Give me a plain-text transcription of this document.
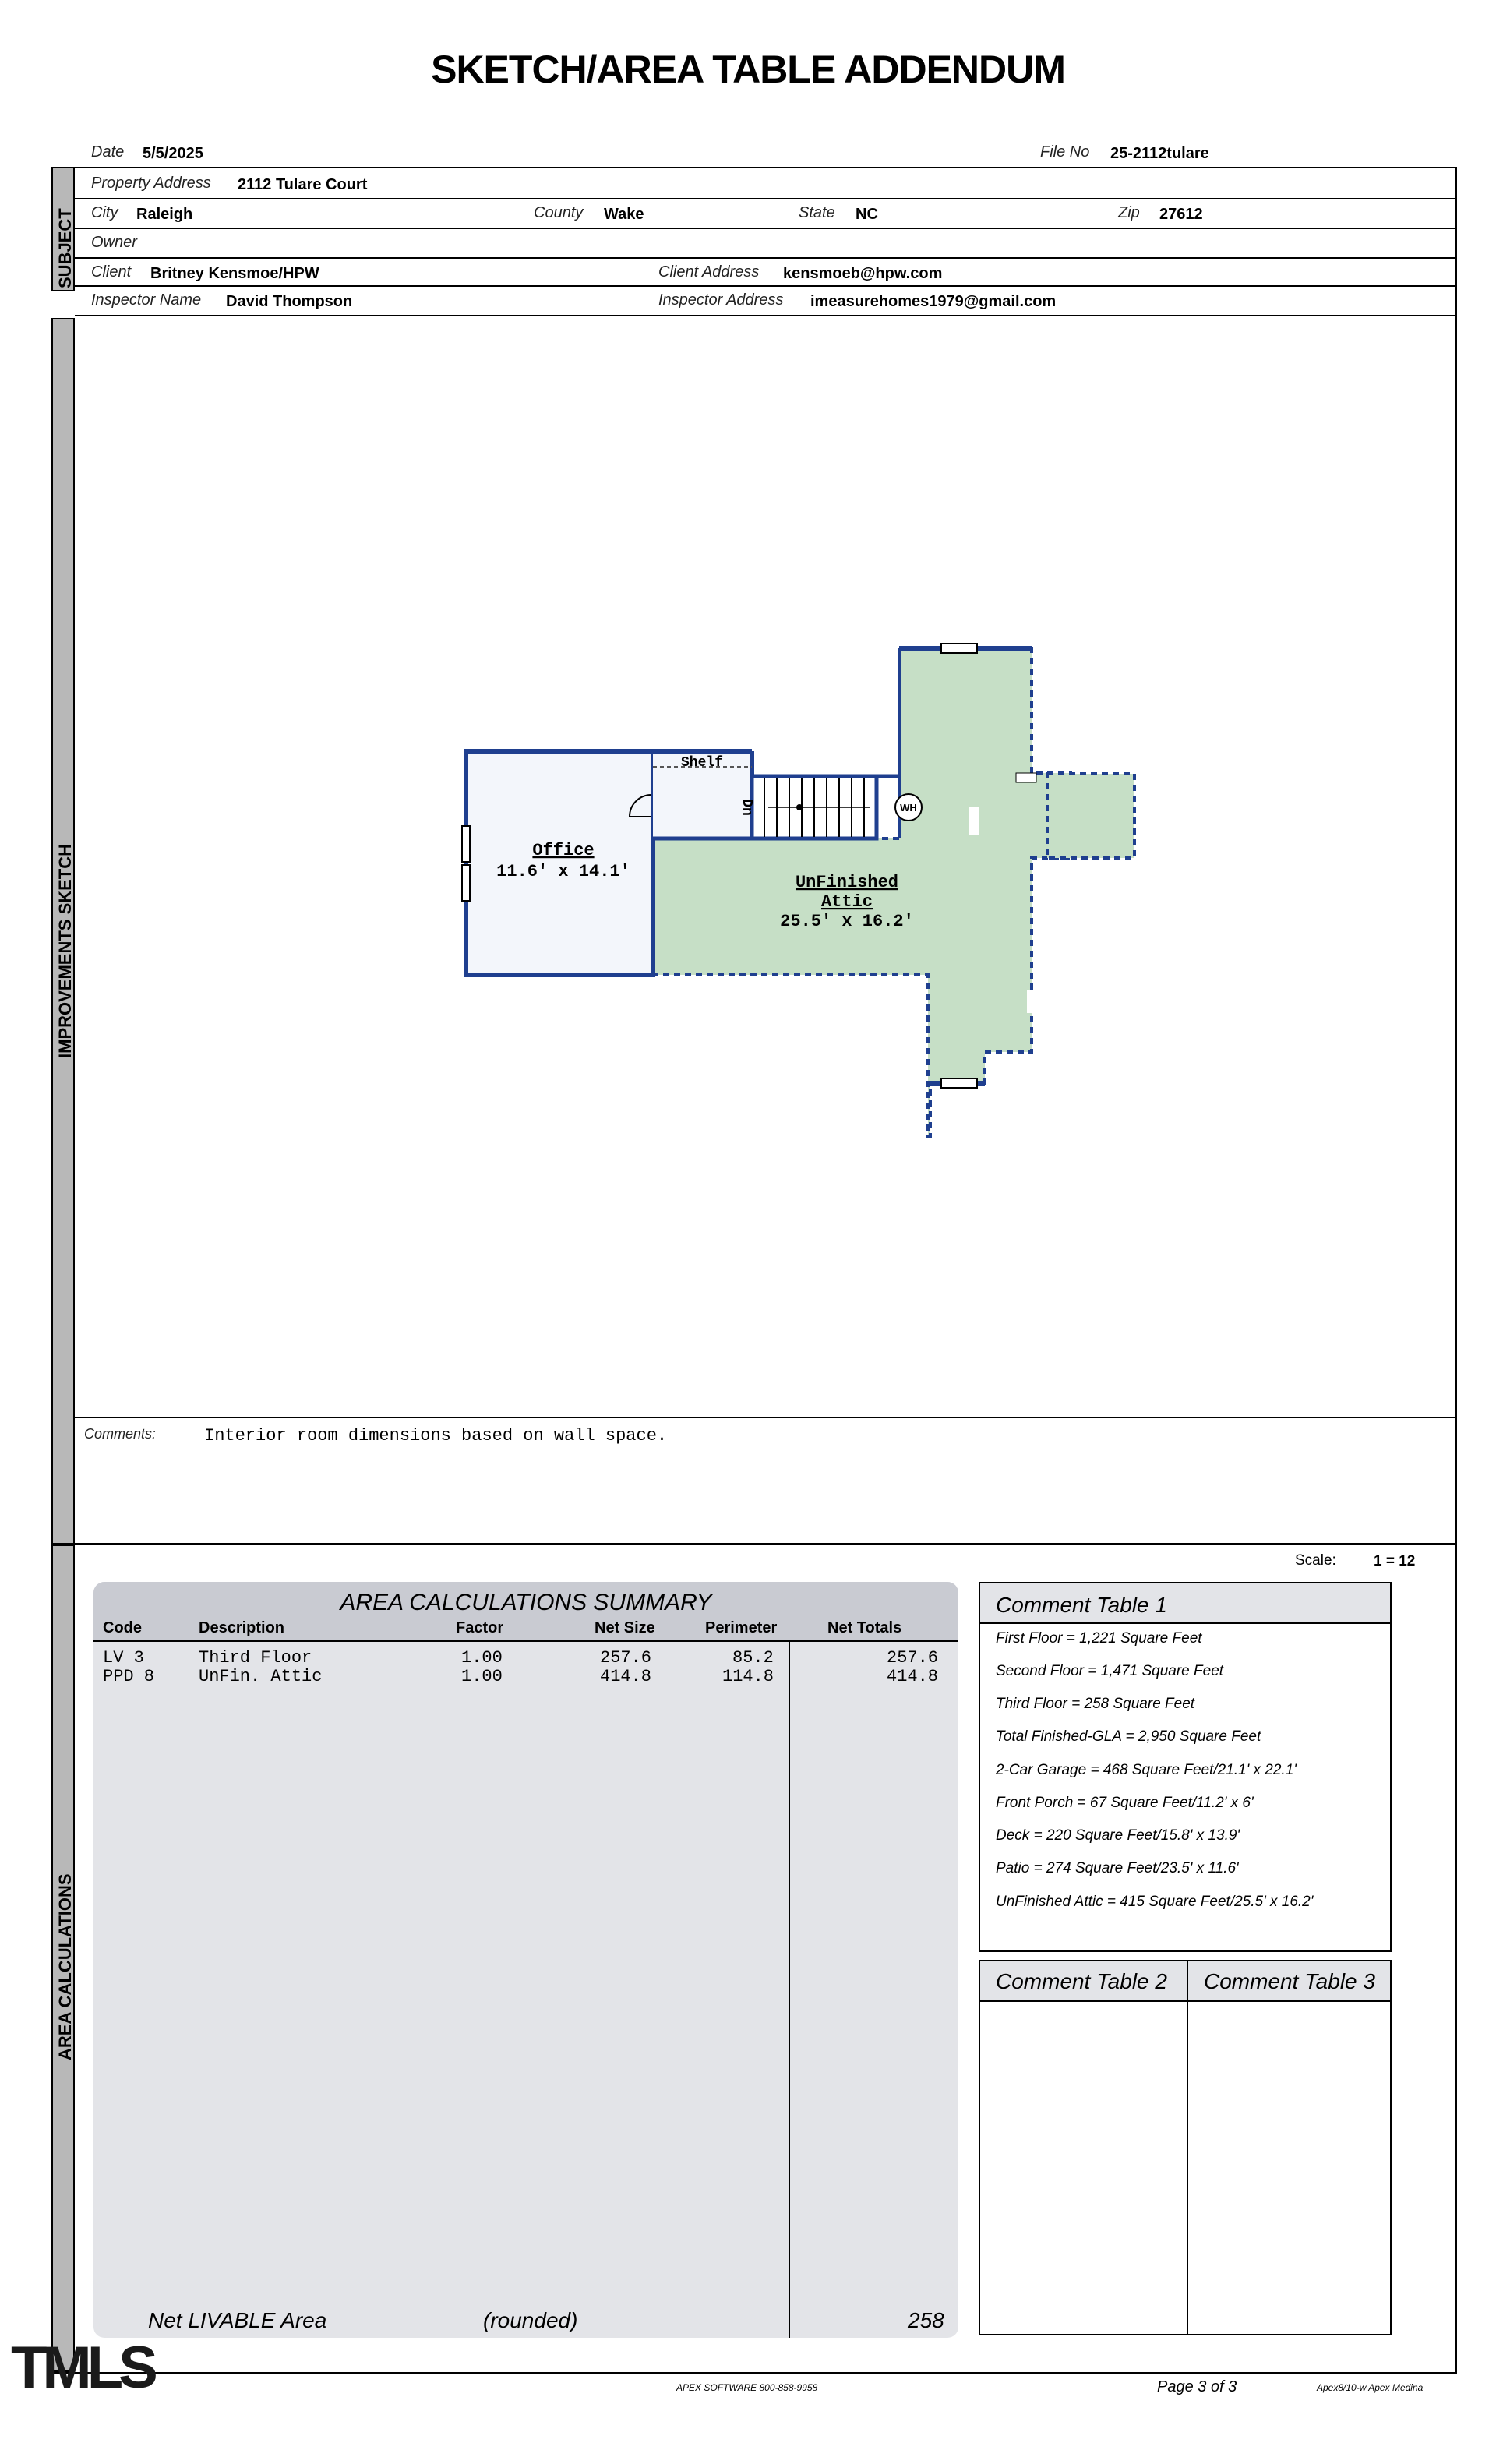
SKETCH/AREA TABLE ADDENDUM
Date 5/5/2025	File No 25-2112tulare
SUBJECT
Property Address 2112 Tulare Court
City Raleigh	County Wake	State NC	Zip 27612
Owner
Client Britney Kensmoe/HPW	Client Address kensmoeb@hpw.com
Inspector Name David Thompson	Inspector Address imeasurehomes1979@gmail.com
IMPROVEMENTS SKETCH	Office
11.6' x 14.1'
UnFinished
Attic
25.5' x 16.2'
Shelf
Dn	WH
Comments:	Interior room dimensions based on wall space.
AREA CALCULATIONS
Scale:	1 = 12
AREA CALCULATIONS SUMMARY
Code	Description	Factor	Net Size	Perimeter	Net Totals
LV 3	Third Floor	1.00	257.6	85.2	257.6
PPD 8	UnFin. Attic	1.00	414.8	114.8	414.8
Net LIVABLE Area	(rounded)	258
Comment Table 1
First Floor = 1,221 Square Feet
Second Floor = 1,471 Square Feet
Third Floor = 258 Square Feet
Total Finished-GLA = 2,950 Square Feet
2-Car Garage = 468 Square Feet/21.1' x 22.1'
Front Porch = 67 Square Feet/11.2' x 6'
Deck = 220 Square Feet/15.8' x 13.9'
Patio = 274 Square Feet/23.5' x 11.6'
UnFinished Attic = 415 Square Feet/25.5' x 16.2'
Comment Table 2 Comment Table 3
TMLS	APEX SOFTWARE 800-858-9958	Page 3 of 3	Apex8/10-w Apex Medina
